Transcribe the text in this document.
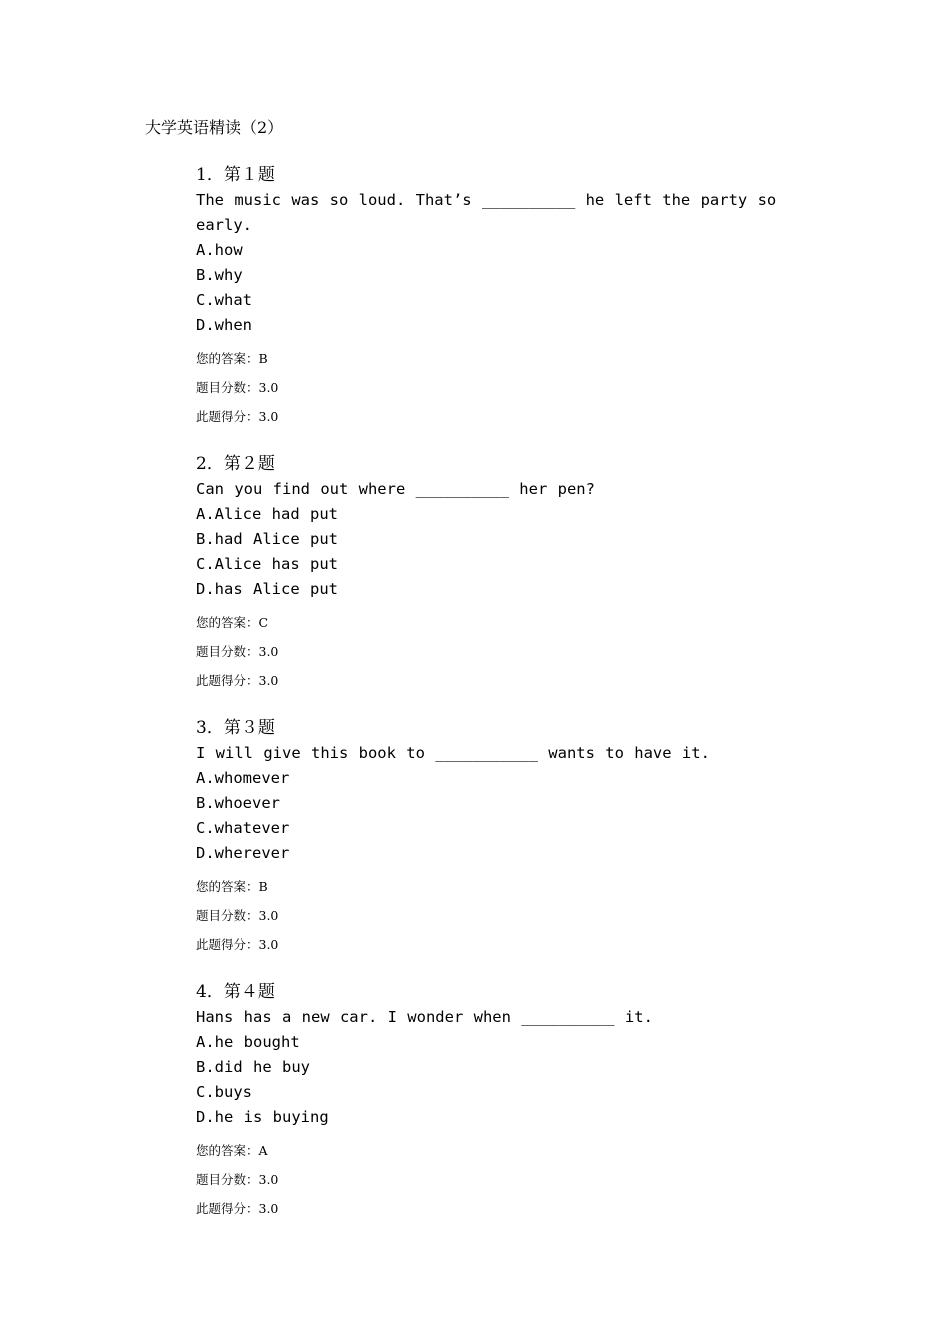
大学英语精读（2）
1．第１题
The music was so loud. That’s __________ he left the party so early.
A.how
B.why
C.what
D.when
您的答案：B
题目分数：3.0
此题得分：3.0
2．第２题
Can you find out where __________ her pen?
A.Alice had put
B.had Alice put
C.Alice has put
D.has Alice put
您的答案：C
题目分数：3.0
此题得分：3.0
3．第３题
I will give this book to ___________ wants to have it.
A.whomever
B.whoever
C.whatever
D.wherever
您的答案：B
题目分数：3.0
此题得分：3.0
4．第４题
Hans has a new car. I wonder when __________ it.
A.he bought
B.did he buy
C.buys
D.he is buying
您的答案：A
题目分数：3.0
此题得分：3.0
